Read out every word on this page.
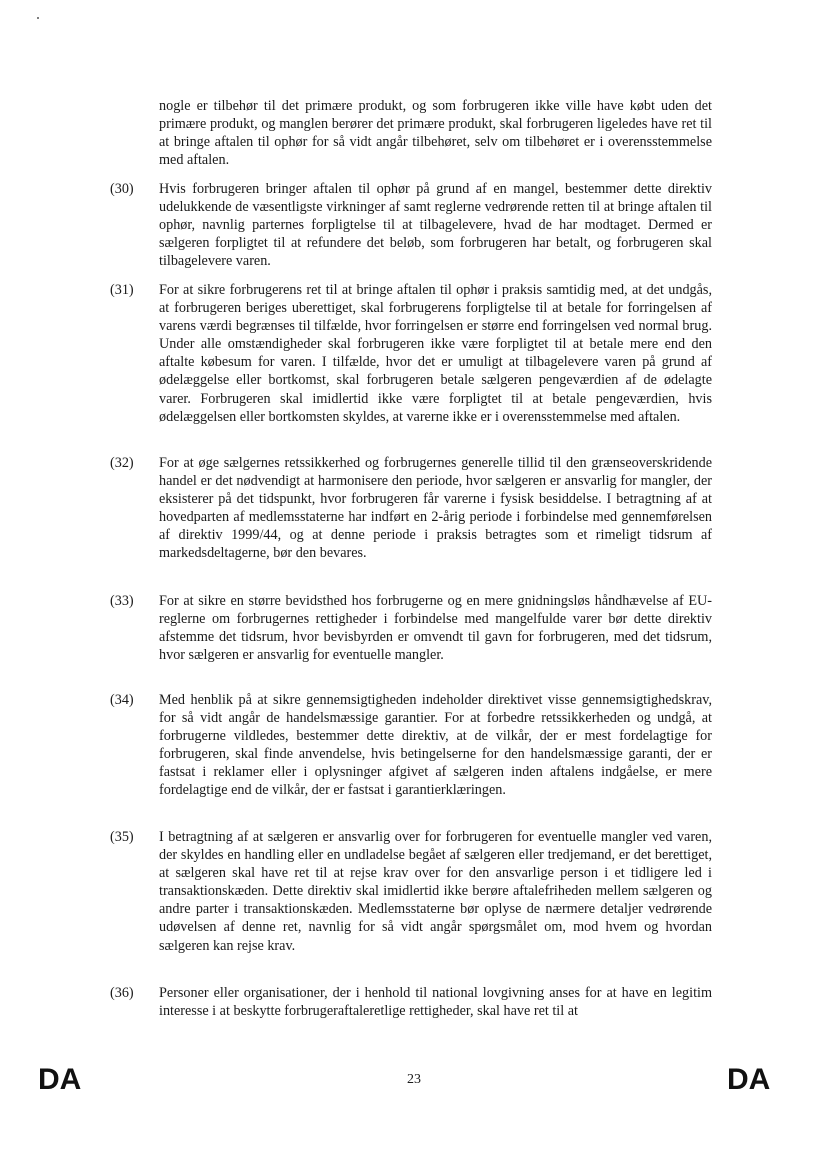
nogle er tilbehør til det primære produkt, og som forbrugeren ikke ville have købt uden det primære produkt, og manglen berører det primære produkt, skal forbrugeren ligeledes have ret til at bringe aftalen til ophør for så vidt angår tilbehøret, selv om tilbehøret er i overensstemmelse med aftalen.

(30)	Hvis forbrugeren bringer aftalen til ophør på grund af en mangel, bestemmer dette direktiv udelukkende de væsentligste virkninger af samt reglerne vedrørende retten til at bringe aftalen til ophør, navnlig parternes forpligtelse til at tilbagelevere, hvad de har modtaget. Dermed er sælgeren forpligtet til at refundere det beløb, som forbrugeren har betalt, og forbrugeren skal tilbagelevere varen.

(31)	For at sikre forbrugerens ret til at bringe aftalen til ophør i praksis samtidig med, at det undgås, at forbrugeren beriges uberettiget, skal forbrugerens forpligtelse til at betale for forringelsen af varens værdi begrænses til tilfælde, hvor forringelsen er større end forringelsen ved normal brug. Under alle omstændigheder skal forbrugeren ikke være forpligtet til at betale mere end den aftalte købesum for varen. I tilfælde, hvor det er umuligt at tilbagelevere varen på grund af ødelæggelse eller bortkomst, skal forbrugeren betale sælgeren pengeværdien af de ødelagte varer. Forbrugeren skal imidlertid ikke være forpligtet til at betale pengeværdien, hvis ødelæggelsen eller bortkomsten skyldes, at varerne ikke er i overensstemmelse med aftalen.

(32)	For at øge sælgernes retssikkerhed og forbrugernes generelle tillid til den grænseoverskridende handel er det nødvendigt at harmonisere den periode, hvor sælgeren er ansvarlig for mangler, der eksisterer på det tidspunkt, hvor forbrugeren får varerne i fysisk besiddelse. I betragtning af at hovedparten af medlemsstaterne har indført en 2-årig periode i forbindelse med gennemførelsen af direktiv 1999/44, og at denne periode i praksis betragtes som et rimeligt tidsrum af markedsdeltagerne, bør den bevares.

(33)	For at sikre en større bevidsthed hos forbrugerne og en mere gnidningsløs håndhævelse af EU-reglerne om forbrugernes rettigheder i forbindelse med mangelfulde varer bør dette direktiv afstemme det tidsrum, hvor bevisbyrden er omvendt til gavn for forbrugeren, med det tidsrum, hvor sælgeren er ansvarlig for eventuelle mangler.

(34)	Med henblik på at sikre gennemsigtigheden indeholder direktivet visse gennemsigtighedskrav, for så vidt angår de handelsmæssige garantier. For at forbedre retssikkerheden og undgå, at forbrugerne vildledes, bestemmer dette direktiv, at de vilkår, der er mest fordelagtige for forbrugeren, skal finde anvendelse, hvis betingelserne for den handelsmæssige garanti, der er fastsat i reklamer eller i oplysninger afgivet af sælgeren inden aftalens indgåelse, er mere fordelagtige end de vilkår, der er fastsat i garantierklæringen.

(35)	I betragtning af at sælgeren er ansvarlig over for forbrugeren for eventuelle mangler ved varen, der skyldes en handling eller en undladelse begået af sælgeren eller tredjemand, er det berettiget, at sælgeren skal have ret til at rejse krav over for den ansvarlige person i et tidligere led i transaktionskæden. Dette direktiv skal imidlertid ikke berøre aftalefriheden mellem sælgeren og andre parter i transaktionskæden. Medlemsstaterne bør oplyse de nærmere detaljer vedrørende udøvelsen af denne ret, navnlig for så vidt angår spørgsmålet om, mod hvem og hvordan sælgeren kan rejse krav.

(36)	Personer eller organisationer, der i henhold til national lovgivning anses for at have en legitim interesse i at beskytte forbrugeraftaleretlige rettigheder, skal have ret til at

DA	23	DA
